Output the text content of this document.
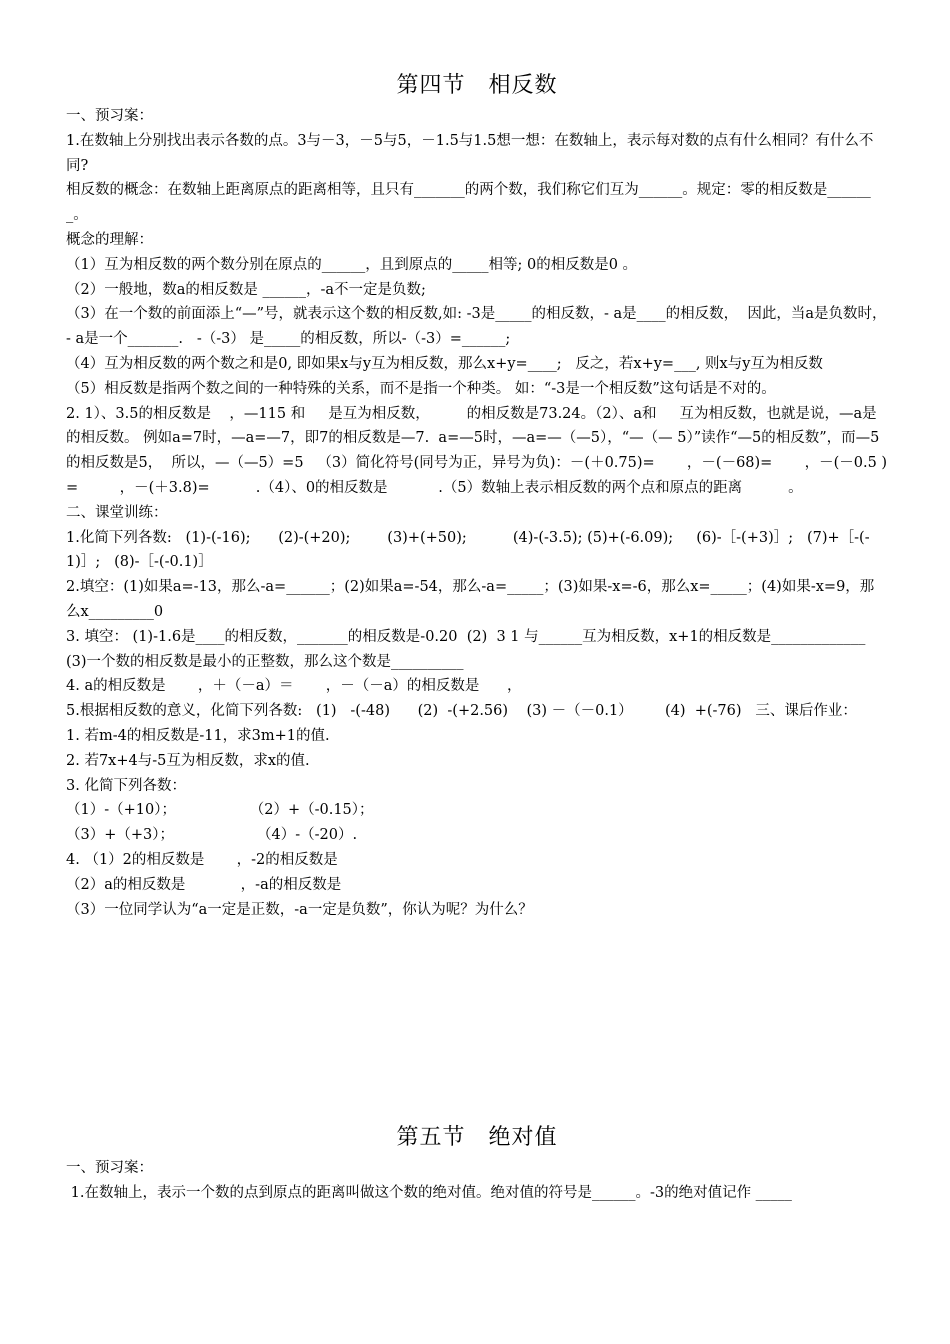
第四节　相反数

一、预习案：

1.在数轴上分别找出表示各数的点。3与－3，－5与5，－1.5与1.5想一想：在数轴上，表示每对数的点有什么相同？有什么不同?

相反数的概念：在数轴上距离原点的距离相等，且只有_______的两个数，我们称它们互为______。规定：零的相反数是_______。

概念的理解：

（1）互为相反数的两个数分别在原点的______，且到原点的_____相等; 0的相反数是0 。

（2）一般地，数a的相反数是 ______，-a不一定是负数;

（3）在一个数的前面添上“—”号，就表示这个数的相反数,如: -3是_____的相反数，- a是____的相反数，  因此，当a是负数时，- a是一个_______.   -（-3） 是_____的相反数，所以-（-3）=______;

（4）互为相反数的两个数之和是0, 即如果x与y互为相反数，那么x+y=____;   反之，若x+y=___, 则x与y互为相反数

（5）相反数是指两个数之间的一种特殊的关系，而不是指一个种类。 如：“-3是一个相反数”这句话是不对的。

2. 1）、3.5的相反数是    ，—115 和     是互为相反数，        的相反数是73.24。（2）、a和     互为相反数，也就是说，—a是     的相反数。 例如a=7时，—a=—7，即7的相反数是—7.  a=—5时，—a=—（—5），“—（— 5）”读作“—5的相反数”，而—5的相反数是5，  所以，—（—5）=5   （3）简化符号(同号为正，异号为负)：－(＋0.75)=       ，－(－68)=       ，－(－0.5 )=         ，－(＋3.8)=          .（4）、0的相反数是           .（5）数轴上表示相反数的两个点和原点的距离          。

二、课堂训练：

1.化简下列各数:   (1)-(-16);      (2)-(+20);        (3)+(+50);          (4)-(-3.5); (5)+(-6.09);     (6)-［-(+3)］;   (7)+［-(-1)］;   (8)-［-(-0.1)］

2.填空：(1)如果a=-13，那么-a=______；(2)如果a=-54，那么-a=_____；(3)如果-x=-6，那么x=_____；(4)如果-x=9，那么x_________0

3. 填空： (1)-1.6是____的相反数，_______的相反数是-0.20  (2)  3 1 与______互为相反数，x+1的相反数是_____________ (3)一个数的相反数是最小的正整数，那么这个数是__________

4. a的相反数是       ，＋（－a）＝       ，－（－a）的相反数是      ，

5.根据相反数的意义，化简下列各数:   (1)   -(-48)      (2)  -(+2.56)    (3) －（－0.1）       (4)  +(-76)   三、课后作业：

1. 若m-4的相反数是-11，求3m+1的值.

2. 若7x+4与-5互为相反数，求x的值.

3. 化简下列各数：

（1）-（+10）；                （2）+（-0.15）；

（3）+（+3）；                  （4）-（-20）.

4. （1）2的相反数是       ，-2的相反数是

（2）a的相反数是            ，-a的相反数是

（3）一位同学认为“a一定是正数，-a一定是负数”，你认为呢？为什么？

第五节　绝对值

一、预习案：

1.在数轴上，表示一个数的点到原点的距离叫做这个数的绝对值。绝对值的符号是______。-3的绝对值记作 _____
